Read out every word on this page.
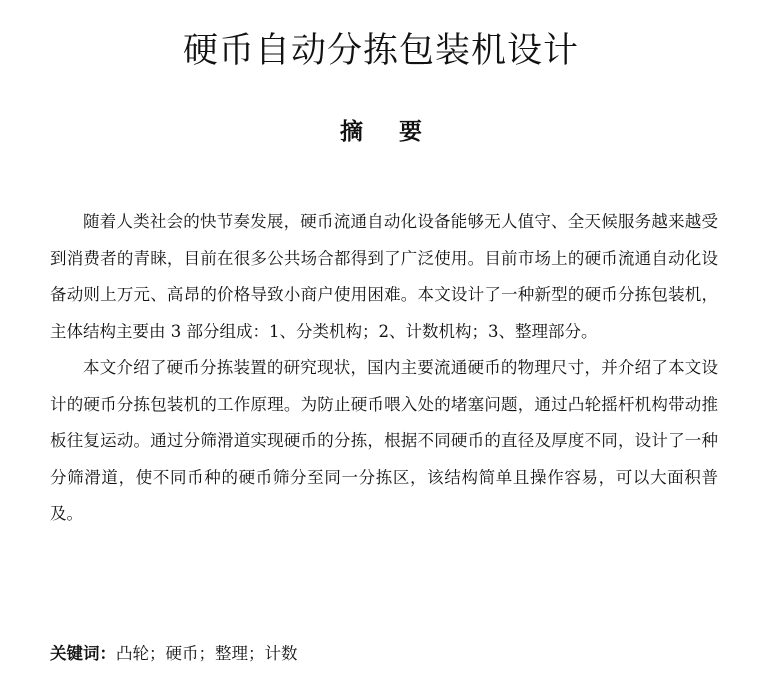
硬币自动分拣包装机设计
摘 要

随着人类社会的快节奏发展，硬币流通自动化设备能够无人值守、全天候服务越来越受到消费者的青睐，目前在很多公共场合都得到了广泛使用。目前市场上的硬币流通自动化设备动则上万元、高昂的价格导致小商户使用困难。本文设计了一种新型的硬币分拣包装机，主体结构主要由 3 部分组成：1、分类机构；2、计数机构；3、整理部分。

本文介绍了硬币分拣装置的研究现状，国内主要流通硬币的物理尺寸，并介绍了本文设计的硬币分拣包装机的工作原理。为防止硬币喂入处的堵塞问题，通过凸轮摇杆机构带动推板往复运动。通过分筛滑道实现硬币的分拣，根据不同硬币的直径及厚度不同，设计了一种分筛滑道，使不同币种的硬币筛分至同一分拣区，该结构简单且操作容易，可以大面积普及。

关键词：凸轮；硬币；整理；计数
